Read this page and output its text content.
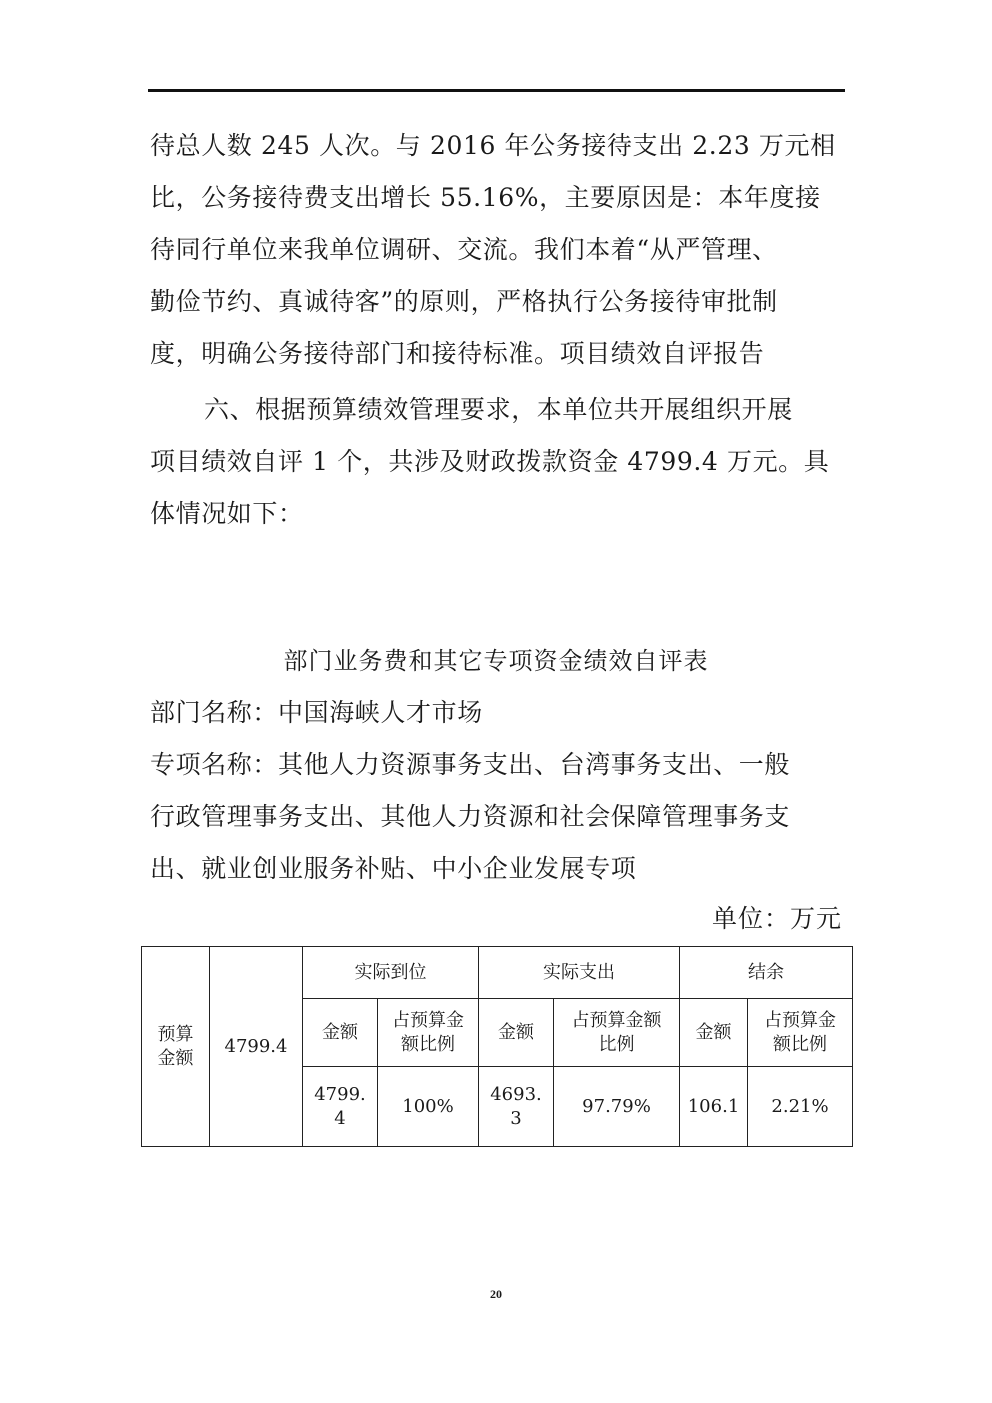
待总人数 245 人次。与 2016 年公务接待支出 2.23 万元相
比，公务接待费支出增长 55.16%，主要原因是：本年度接
待同行单位来我单位调研、交流。我们本着“从严管理、
勤俭节约、真诚待客”的原则，严格执行公务接待审批制
度，明确公务接待部门和接待标准。项目绩效自评报告
六、根据预算绩效管理要求，本单位共开展组织开展
项目绩效自评 1 个，共涉及财政拨款资金 4799.4 万元。具
体情况如下：
部门业务费和其它专项资金绩效自评表
部门名称：中国海峡人才市场
专项名称：其他人力资源事务支出、台湾事务支出、一般
行政管理事务支出、其他人力资源和社会保障管理事务支
出、就业创业服务补贴、中小企业发展专项
单位：万元
预算金额	4799.4	实际到位		实际支出		结余	
		金额	占预算金额比例	金额	占预算金额比例	金额	占预算金额比例

		4799.4	100%	4693.3	97.79%	106.1	2.21%
20
